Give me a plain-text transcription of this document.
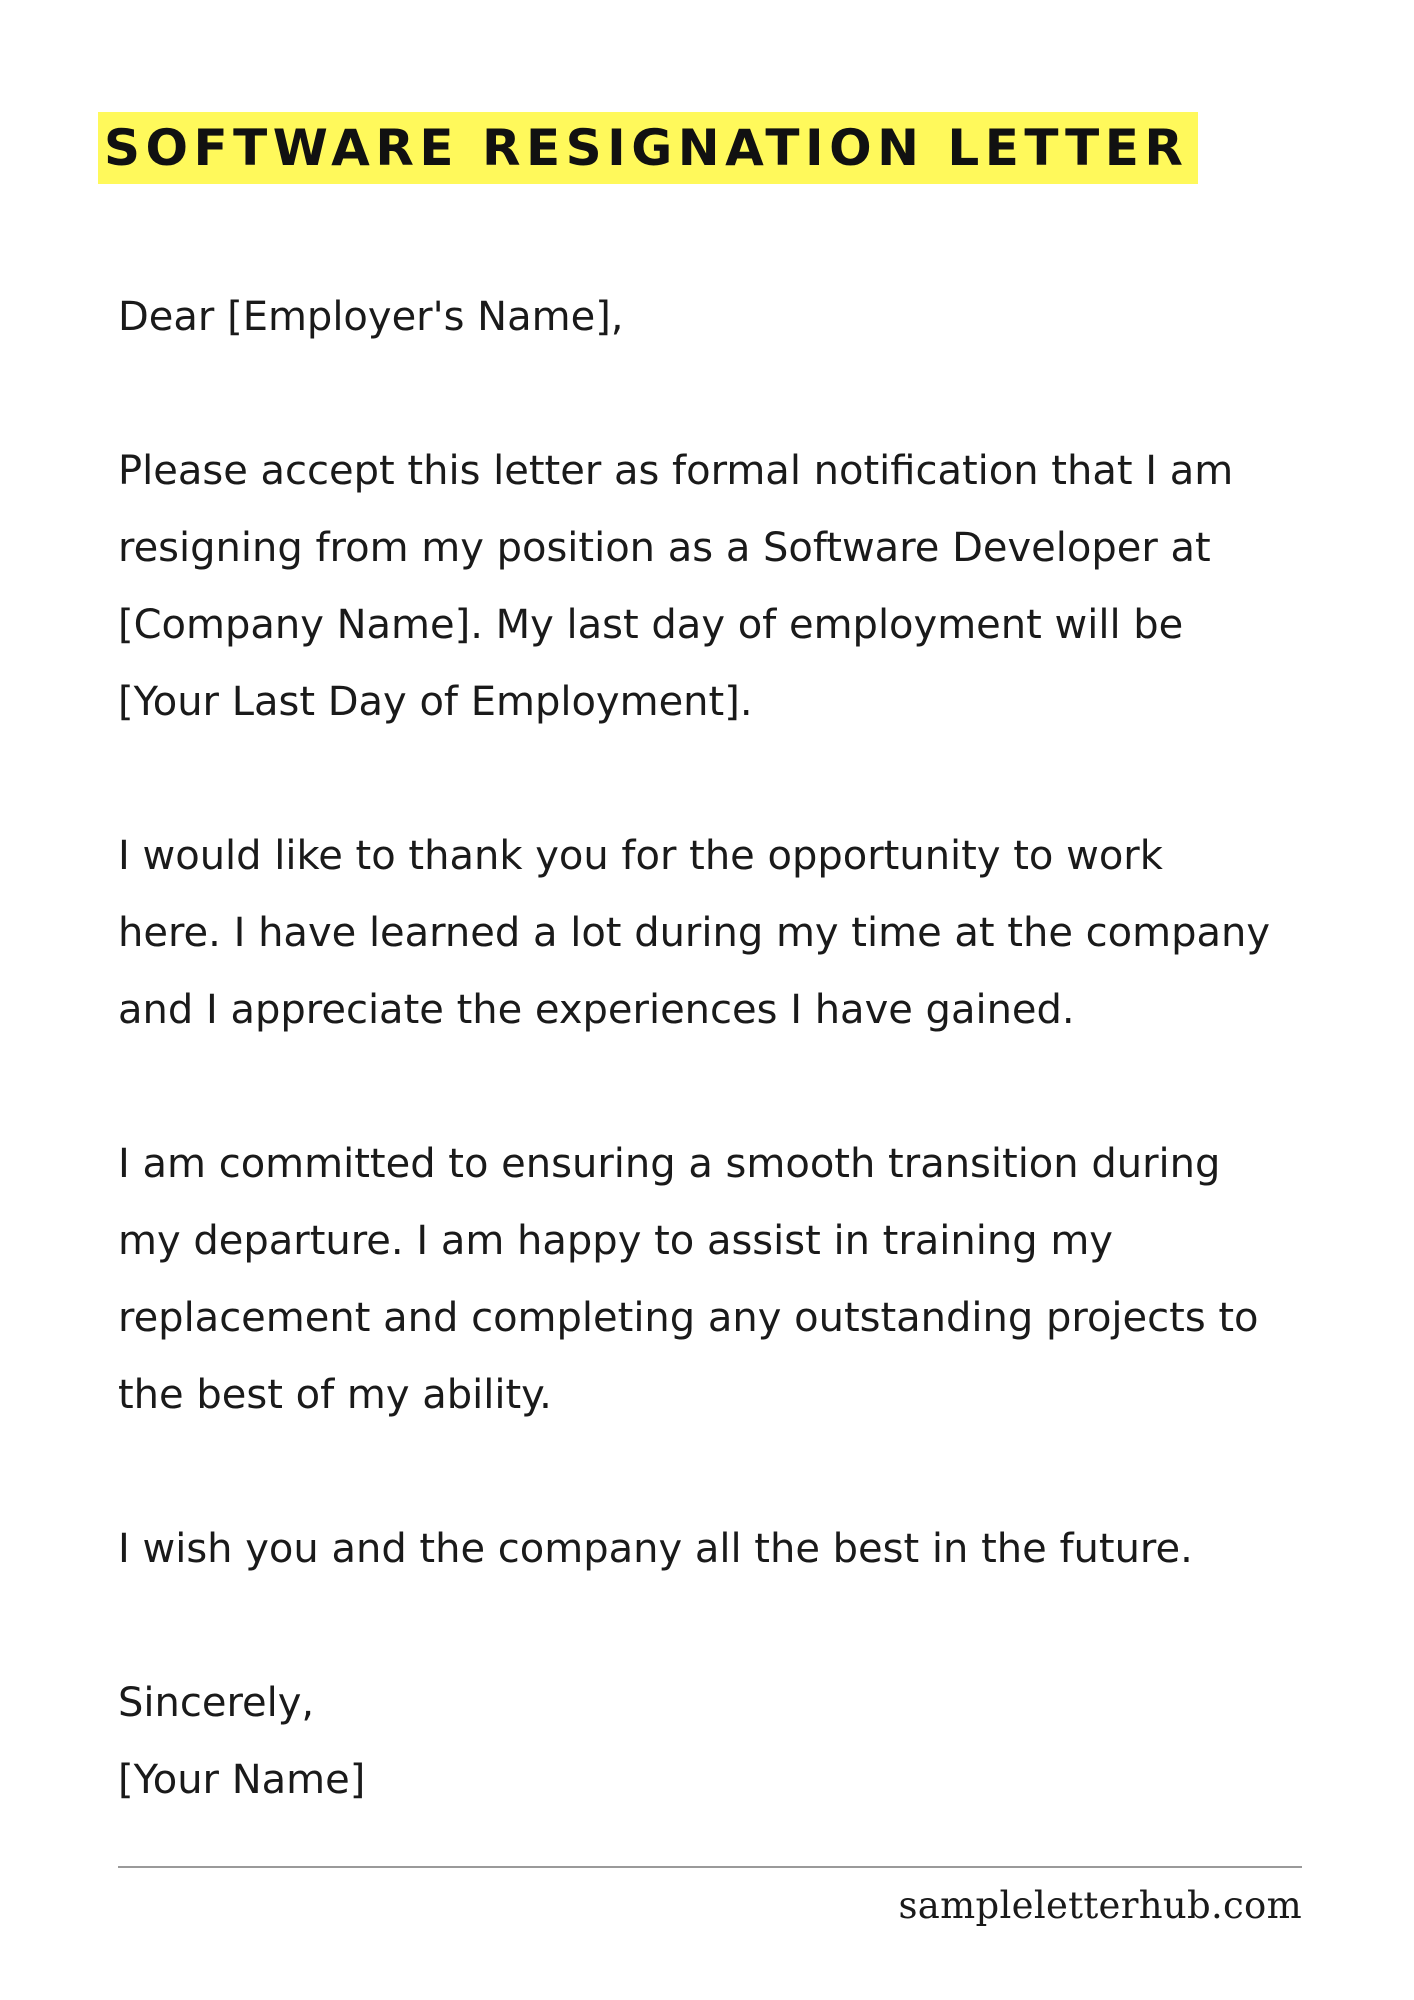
SOFTWARE RESIGNATION LETTER

Dear [Employer's Name],

Please accept this letter as formal notification that I am
resigning from my position as a Software Developer at
[Company Name]. My last day of employment will be
[Your Last Day of Employment].

I would like to thank you for the opportunity to work
here. I have learned a lot during my time at the company
and I appreciate the experiences I have gained.

I am committed to ensuring a smooth transition during
my departure. I am happy to assist in training my
replacement and completing any outstanding projects to
the best of my ability.

I wish you and the company all the best in the future.

Sincerely,
[Your Name]

sampleletterhub.com
